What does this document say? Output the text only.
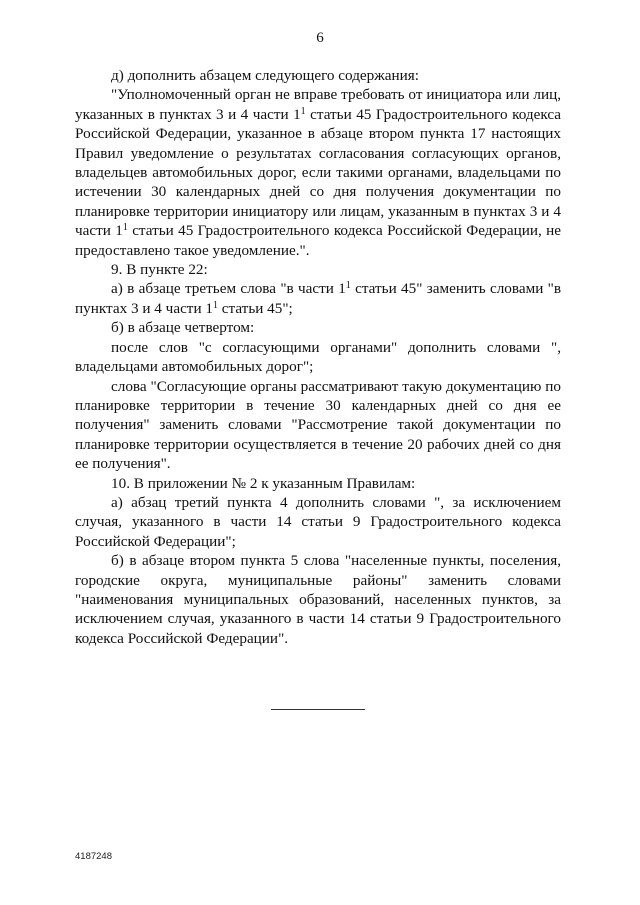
6

д) дополнить абзацем следующего содержания:

"Уполномоченный орган не вправе требовать от инициатора или лиц, указанных в пунктах 3 и 4 части $1^1$ статьи 45 Градостроительного кодекса Российской Федерации, указанное в абзаце втором пункта 17 настоящих Правил уведомление о результатах согласования согласующих органов, владельцев автомобильных дорог, если такими органами, владельцами по истечении 30 календарных дней со дня получения документации по планировке территории инициатору или лицам, указанным в пунктах 3 и 4 части $1^1$ статьи 45 Градостроительного кодекса Российской Федерации, не предоставлено такое уведомление.".

9. В пункте 22:

а) в абзаце третьем слова "в части $1^1$ статьи 45" заменить словами "в пунктах 3 и 4 части $1^1$ статьи 45";

б) в абзаце четвертом:

после слов "с согласующими органами" дополнить словами ", владельцами автомобильных дорог";

слова "Согласующие органы рассматривают такую документацию по планировке территории в течение 30 календарных дней со дня ее получения" заменить словами "Рассмотрение такой документации по планировке территории осуществляется в течение 20 рабочих дней со дня ее получения".

10. В приложении № 2 к указанным Правилам:

а) абзац третий пункта 4 дополнить словами ", за исключением случая, указанного в части 14 статьи 9 Градостроительного кодекса Российской Федерации";

б) в абзаце втором пункта 5 слова "населенные пункты, поселения, городские округа, муниципальные районы" заменить словами "наименования муниципальных образований, населенных пунктов, за исключением случая, указанного в части 14 статьи 9 Градостроительного кодекса Российской Федерации".

4187248
